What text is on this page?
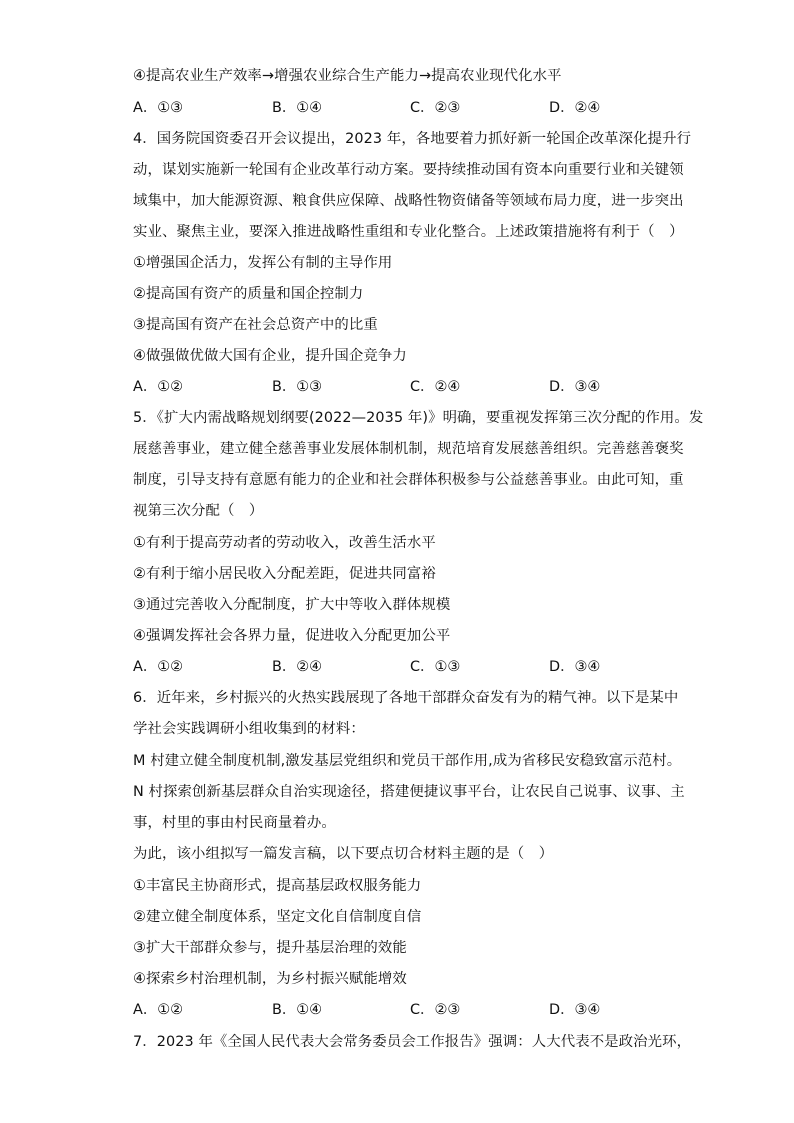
④提高农业生产效率→增强农业综合生产能力→提高农业现代化水平
A．①③	B．①④	C．②③	D．②④
4．国务院国资委召开会议提出，2023 年，各地要着力抓好新一轮国企改革深化提升行
动，谋划实施新一轮国有企业改革行动方案。要持续推动国有资本向重要行业和关键领
域集中，加大能源资源、粮食供应保障、战略性物资储备等领域布局力度，进一步突出
实业、聚焦主业，要深入推进战略性重组和专业化整合。上述政策措施将有利于（　）
①增强国企活力，发挥公有制的主导作用
②提高国有资产的质量和国企控制力
③提高国有资产在社会总资产中的比重
④做强做优做大国有企业，提升国企竞争力
A．①②	B．①③	C．②④	D．③④
5．《扩大内需战略规划纲要(2022—2035 年)》明确，要重视发挥第三次分配的作用。发
展慈善事业，建立健全慈善事业发展体制机制，规范培育发展慈善组织。完善慈善褒奖
制度，引导支持有意愿有能力的企业和社会群体积极参与公益慈善事业。由此可知，重
视第三次分配（　）
①有利于提高劳动者的劳动收入，改善生活水平
②有利于缩小居民收入分配差距，促进共同富裕
③通过完善收入分配制度，扩大中等收入群体规模
④强调发挥社会各界力量，促进收入分配更加公平
A．①②	B．②④	C．①③	D．③④
6．近年来，乡村振兴的火热实践展现了各地干部群众奋发有为的精气神。以下是某中
学社会实践调研小组收集到的材料：
M 村建立健全制度机制,激发基层党组织和党员干部作用,成为省移民安稳致富示范村。
N 村探索创新基层群众自治实现途径，搭建便捷议事平台，让农民自己说事、议事、主
事，村里的事由村民商量着办。
为此，该小组拟写一篇发言稿，以下要点切合材料主题的是（　）
①丰富民主协商形式，提高基层政权服务能力
②建立健全制度体系，坚定文化自信制度自信
③扩大干部群众参与，提升基层治理的效能
④探索乡村治理机制，为乡村振兴赋能增效
A．①②	B．①④	C．②③	D．③④
7．2023 年《全国人民代表大会常务委员会工作报告》强调：人大代表不是政治光环，
